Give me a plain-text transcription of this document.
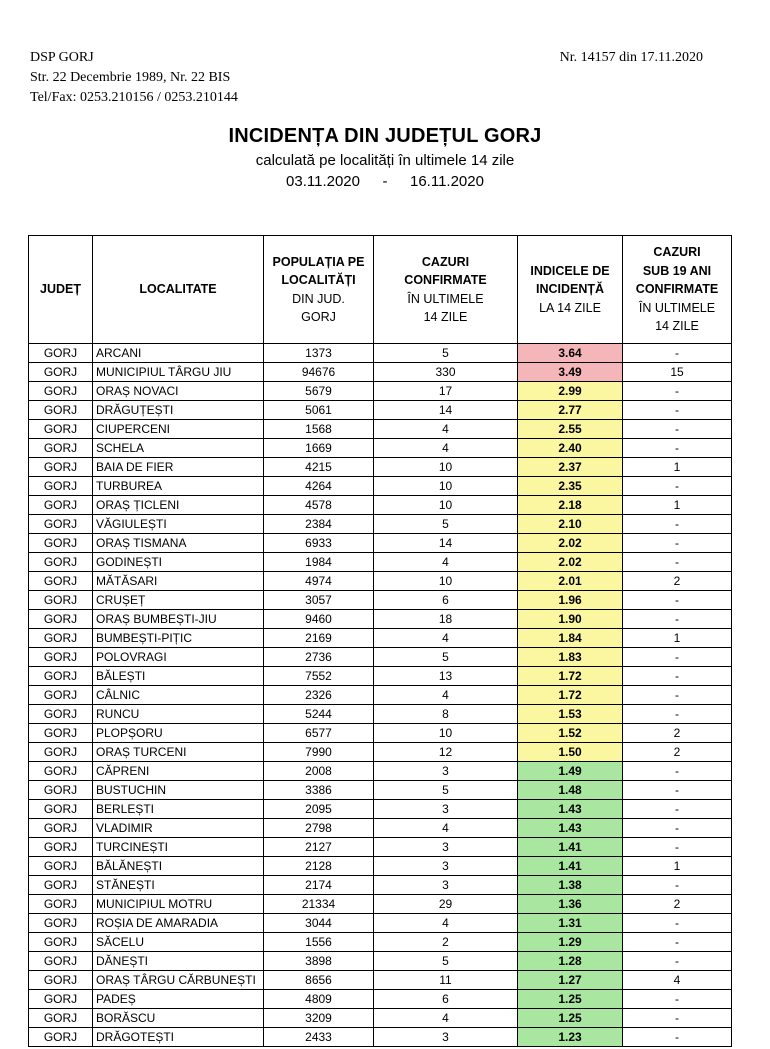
DSP GORJ
Str. 22 Decembrie 1989, Nr. 22 BIS
Tel/Fax: 0253.210156 / 0253.210144
Nr. 14157 din 17.11.2020
INCIDENȚA DIN JUDEȚUL GORJ
calculată pe localități în ultimele 14 zile
03.11.2020 - 16.11.2020
JUDEȚ	LOCALITATE	POPULAȚIA PE
LOCALITĂȚI
DIN JUD.
GORJ	CAZURI
CONFIRMATE
ÎN ULTIMELE
14 ZILE	INDICELE DE
INCIDENȚĂ
LA 14 ZILE	CAZURI
SUB 19 ANI
CONFIRMATE
ÎN ULTIMELE
14 ZILE

GORJ	ARCANI	1373	5	3.64	-
GORJ	MUNICIPIUL TÂRGU JIU	94676	330	3.49	15
GORJ	ORAȘ NOVACI	5679	17	2.99	-
GORJ	DRĂGUȚEȘTI	5061	14	2.77	-
GORJ	CIUPERCENI	1568	4	2.55	-
GORJ	SCHELA	1669	4	2.40	-
GORJ	BAIA DE FIER	4215	10	2.37	1
GORJ	TURBUREA	4264	10	2.35	-
GORJ	ORAȘ ȚICLENI	4578	10	2.18	1
GORJ	VĂGIULEȘTI	2384	5	2.10	-
GORJ	ORAȘ TISMANA	6933	14	2.02	-
GORJ	GODINEȘTI	1984	4	2.02	-
GORJ	MĂTĂSARI	4974	10	2.01	2
GORJ	CRUȘEȚ	3057	6	1.96	-
GORJ	ORAȘ BUMBEȘTI-JIU	9460	18	1.90	-
GORJ	BUMBEȘTI-PIȚIC	2169	4	1.84	1
GORJ	POLOVRAGI	2736	5	1.83	-
GORJ	BĂLEȘTI	7552	13	1.72	-
GORJ	CÂLNIC	2326	4	1.72	-
GORJ	RUNCU	5244	8	1.53	-
GORJ	PLOPȘORU	6577	10	1.52	2
GORJ	ORAȘ TURCENI	7990	12	1.50	2
GORJ	CĂPRENI	2008	3	1.49	-
GORJ	BUSTUCHIN	3386	5	1.48	-
GORJ	BERLEȘTI	2095	3	1.43	-
GORJ	VLADIMIR	2798	4	1.43	-
GORJ	TURCINEȘTI	2127	3	1.41	-
GORJ	BĂLĂNEȘTI	2128	3	1.41	1
GORJ	STĂNEȘTI	2174	3	1.38	-
GORJ	MUNICIPIUL MOTRU	21334	29	1.36	2
GORJ	ROȘIA DE AMARADIA	3044	4	1.31	-
GORJ	SĂCELU	1556	2	1.29	-
GORJ	DĂNEȘTI	3898	5	1.28	-
GORJ	ORAȘ TÂRGU CĂRBUNEȘTI	8656	11	1.27	4
GORJ	PADEȘ	4809	6	1.25	-
GORJ	BORĂSCU	3209	4	1.25	-
GORJ	DRĂGOTEȘTI	2433	3	1.23	-
